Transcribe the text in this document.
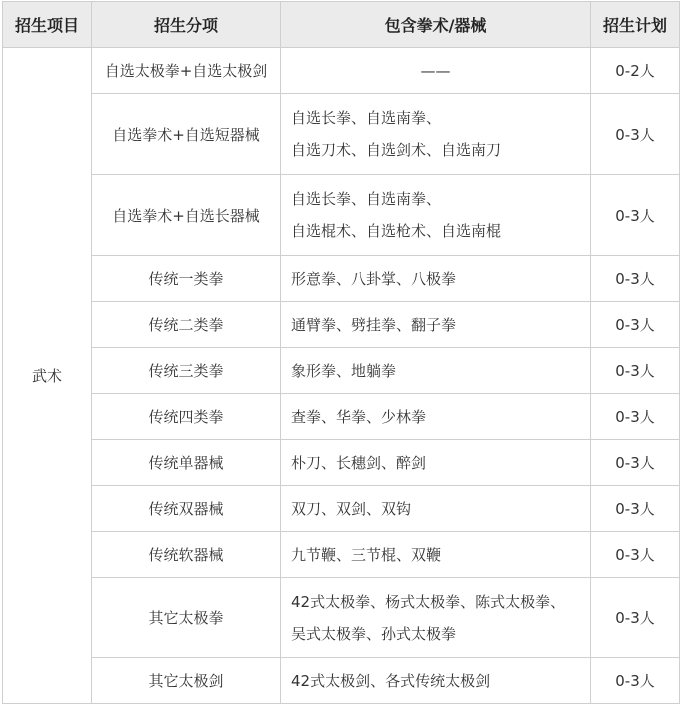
招生项目	招生分项	包含拳术/器械	招生计划
武术	自选太极拳+自选太极剑	——	0-2人
	自选拳术+自选短器械	自选长拳、自选南拳、
自选刀术、自选剑术、自选南刀	0-3人
	自选拳术+自选长器械	自选长拳、自选南拳、
自选棍术、自选枪术、自选南棍	0-3人
	传统一类拳	形意拳、八卦掌、八极拳	0-3人
	传统二类拳	通臂拳、劈挂拳、翻子拳	0-3人
	传统三类拳	象形拳、地躺拳	0-3人
	传统四类拳	查拳、华拳、少林拳	0-3人
	传统单器械	朴刀、长穗剑、醉剑	0-3人
	传统双器械	双刀、双剑、双钩	0-3人
	传统软器械	九节鞭、三节棍、双鞭	0-3人
	其它太极拳	42式太极拳、杨式太极拳、陈式太极拳、
吴式太极拳、孙式太极拳	0-3人
	其它太极剑	42式太极剑、各式传统太极剑	0-3人
